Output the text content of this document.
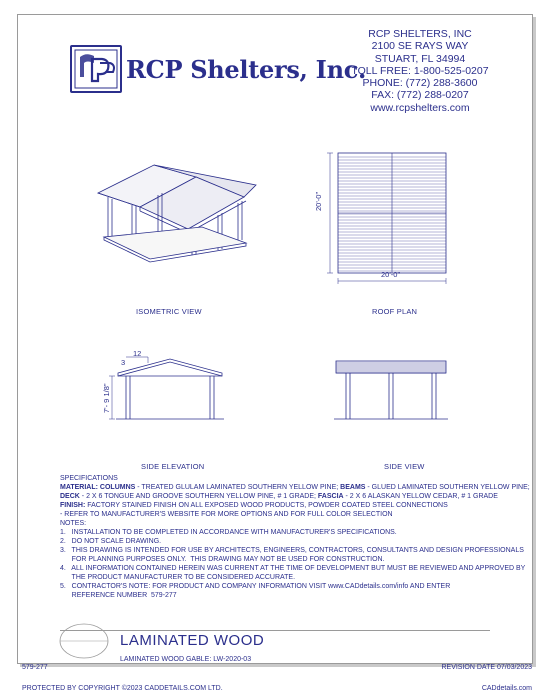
RCP Shelters, Inc.
RCP SHELTERS, INC
2100 SE RAYS WAY
STUART, FL 34994
TOLL FREE: 1-800-525-0207
PHONE: (772) 288-3600
FAX: (772) 288-0207
www.rcpshelters.com
ISOMETRIC VIEW
20'-0"
20'-0"
ROOF PLAN
12
3
7'- 9 1/8"
SIDE ELEVATION	SIDE VIEW
SPECIFICATIONS
MATERIAL: COLUMNS - TREATED GLULAM LAMINATED SOUTHERN YELLOW PINE; BEAMS - GLUED LAMINATED SOUTHERN YELLOW PINE;
DECK - 2 X 6 TONGUE AND GROOVE SOUTHERN YELLOW PINE, # 1 GRADE; FASCIA - 2 X 6 ALASKAN YELLOW CEDAR, # 1 GRADE
FINISH: FACTORY STAINED FINISH ON ALL EXPOSED WOOD PRODUCTS, POWDER COATED STEEL CONNECTIONS
- REFER TO MANUFACTURER'S WEBSITE FOR MORE OPTIONS AND FOR FULL COLOR SELECTION
NOTES:
1.   INSTALLATION TO BE COMPLETED IN ACCORDANCE WITH MANUFACTURER'S SPECIFICATIONS.
2.   DO NOT SCALE DRAWING.
3.   THIS DRAWING IS INTENDED FOR USE BY ARCHITECTS, ENGINEERS, CONTRACTORS, CONSULTANTS AND DESIGN PROFESSIONALS
FOR PLANNING PURPOSES ONLY.  THIS DRAWING MAY NOT BE USED FOR CONSTRUCTION.
4.   ALL INFORMATION CONTAINED HEREIN WAS CURRENT AT THE TIME OF DEVELOPMENT BUT MUST BE REVIEWED AND APPROVED BY
THE PRODUCT MANUFACTURER TO BE CONSIDERED ACCURATE.
5.   CONTRACTOR'S NOTE: FOR PRODUCT AND COMPANY INFORMATION VISIT www.CADdetails.com/info AND ENTER
REFERENCE NUMBER  579-277
LAMINATED WOOD
LAMINATED WOOD GABLE: LW-2020-03
579-277	REVISION DATE 07/03/2023
PROTECTED BY COPYRIGHT ©2023 CADDETAILS.COM LTD.	CADdetails.com
